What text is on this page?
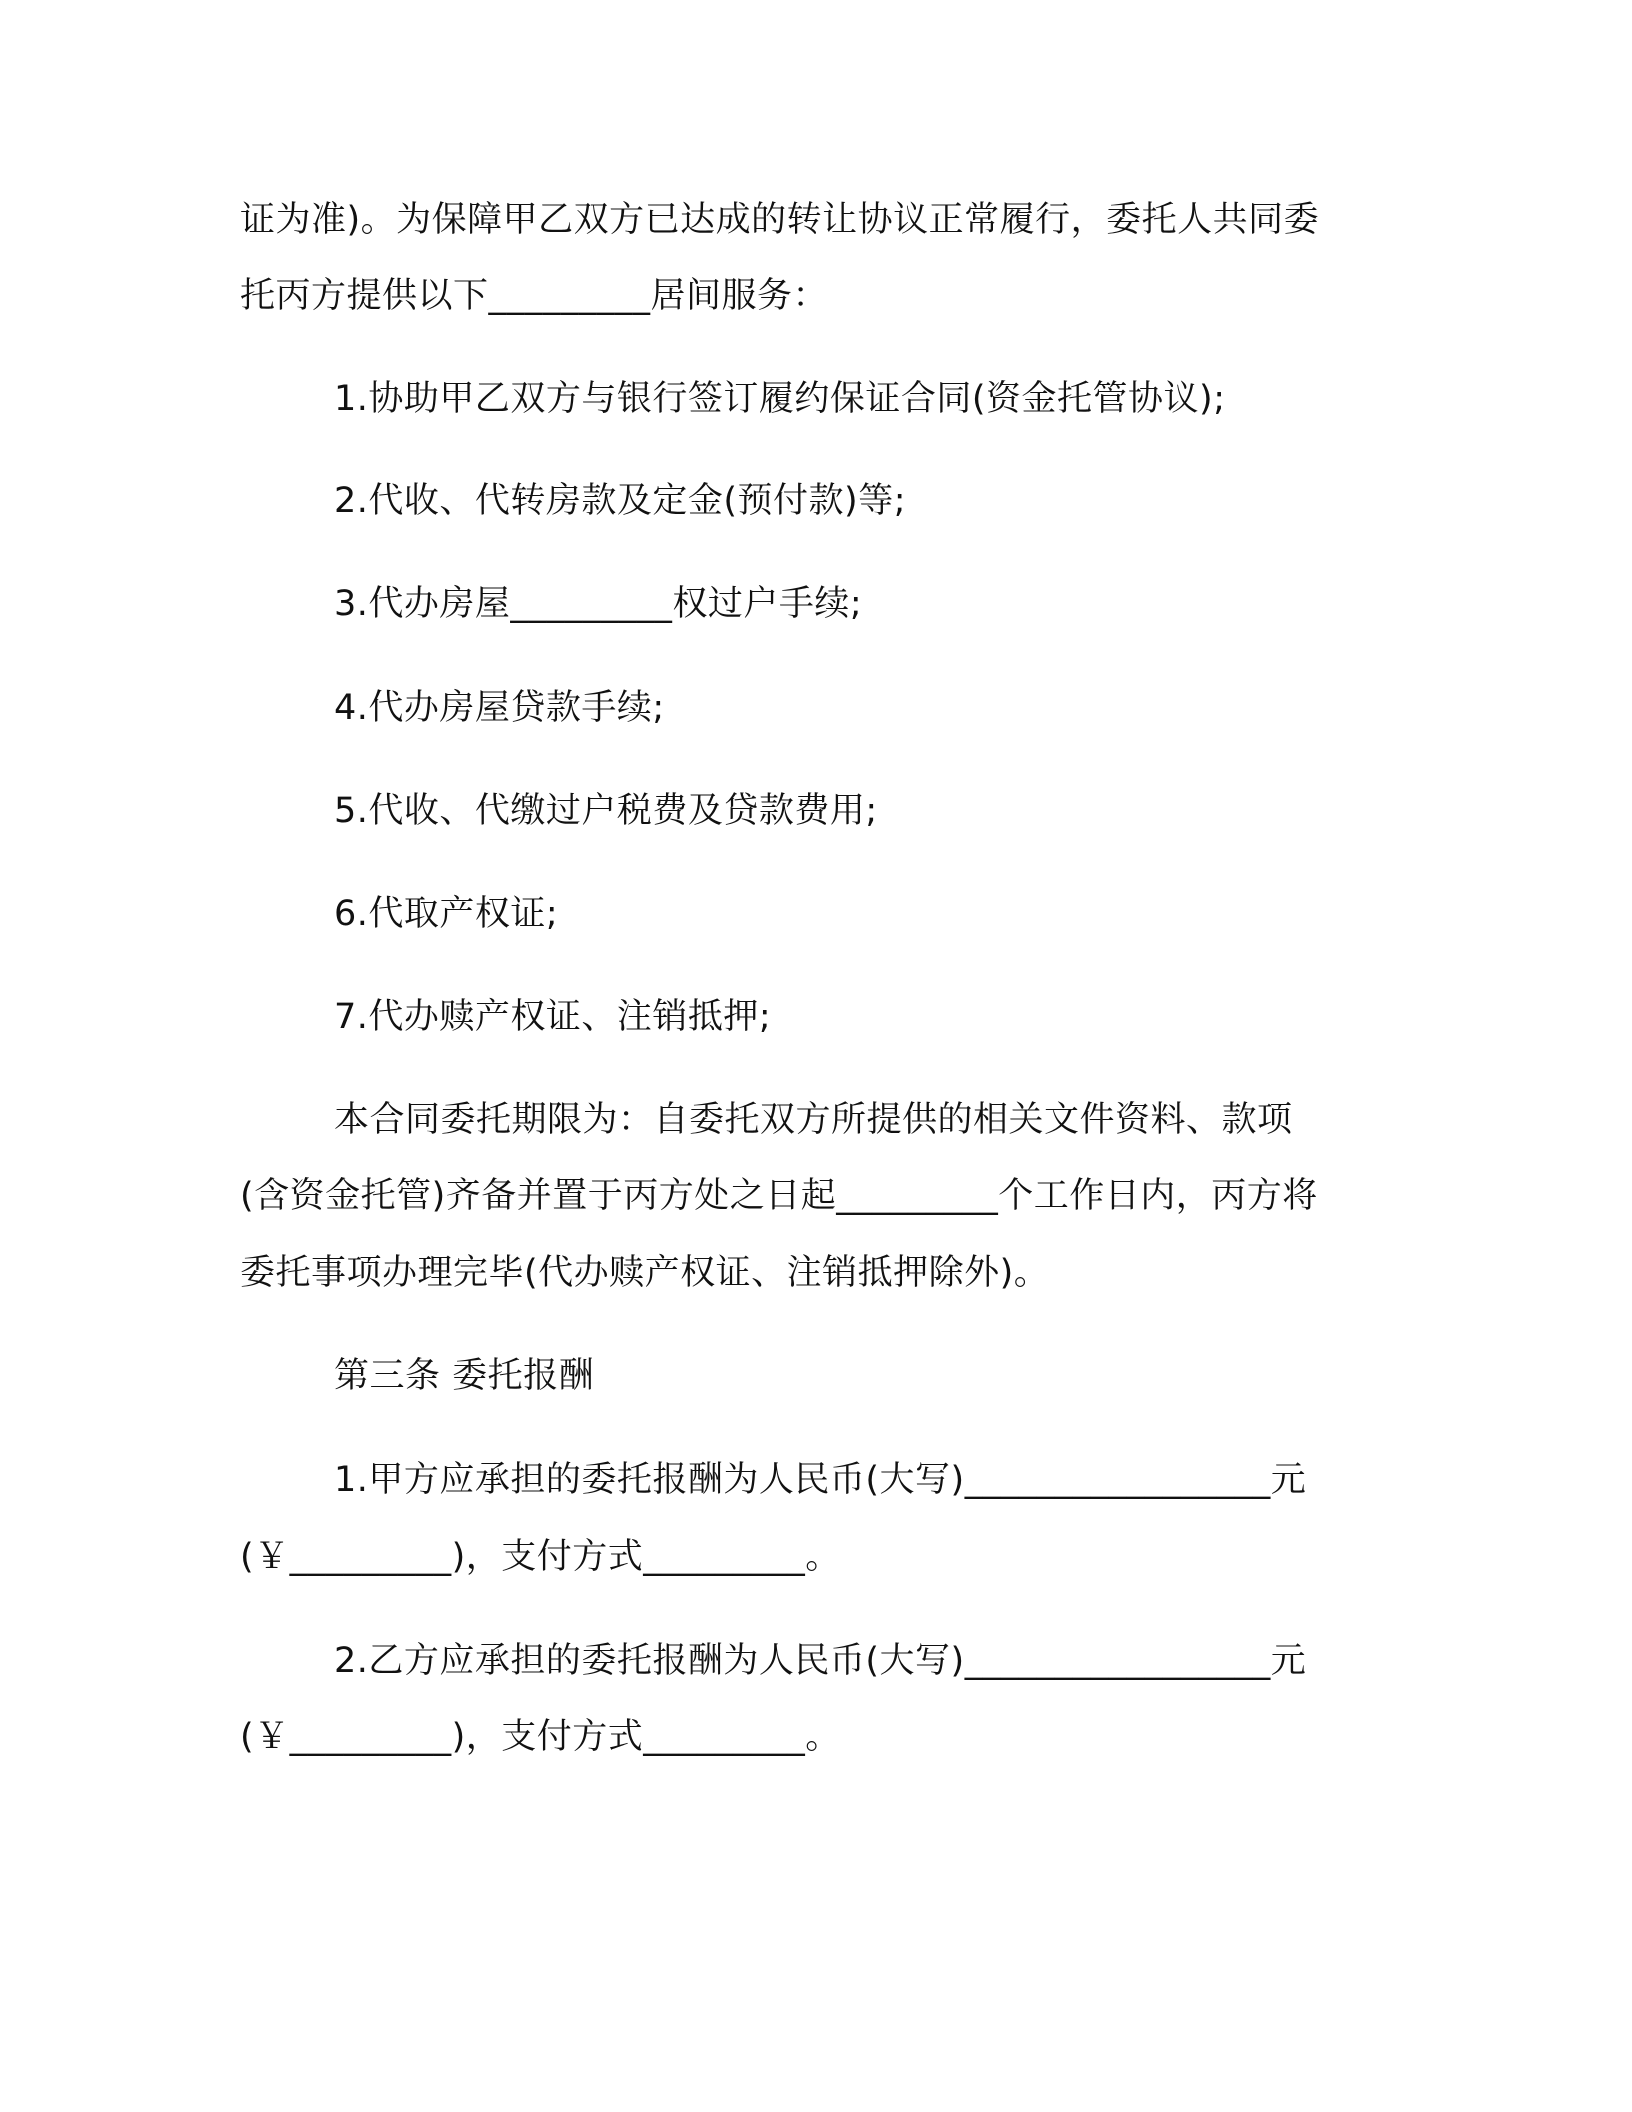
证为准)。为保障甲乙双方已达成的转让协议正常履行，委托人共同委
托丙方提供以下_________居间服务：
1.协助甲乙双方与银行签订履约保证合同(资金托管协议);
2.代收、代转房款及定金(预付款)等;
3.代办房屋_________权过户手续;
4.代办房屋贷款手续;
5.代收、代缴过户税费及贷款费用;
6.代取产权证;
7.代办赎产权证、注销抵押;
本合同委托期限为：自委托双方所提供的相关文件资料、款项
(含资金托管)齐备并置于丙方处之日起_________个工作日内，丙方将
委托事项办理完毕(代办赎产权证、注销抵押除外)。
第三条 委托报酬
1.甲方应承担的委托报酬为人民币(大写)_________________元
(￥_________)，支付方式_________。
2.乙方应承担的委托报酬为人民币(大写)_________________元
(￥_________)，支付方式_________。
